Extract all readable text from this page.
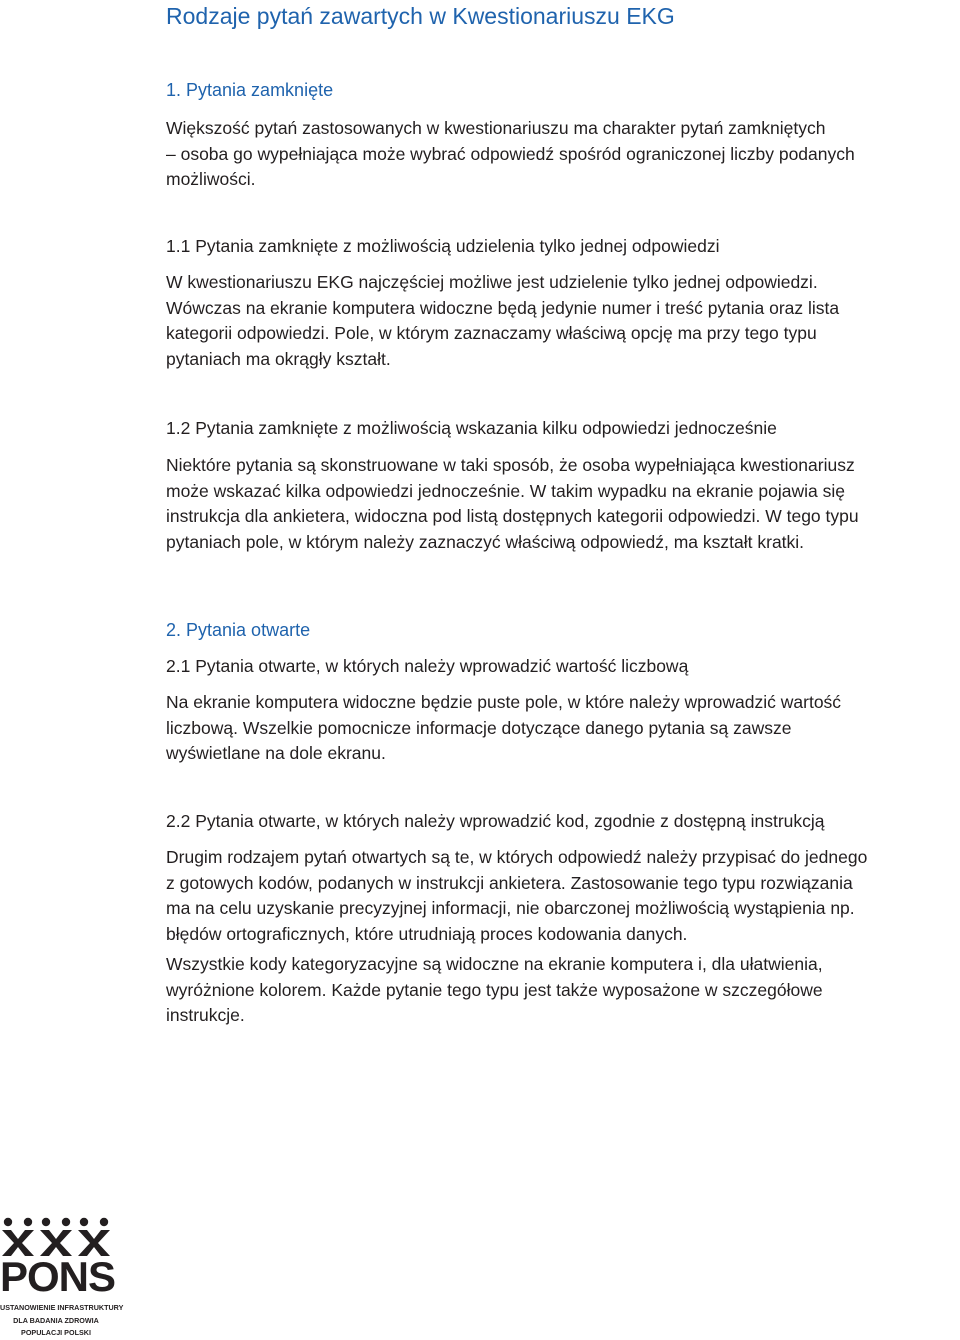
Rodzaje pytań zawartych w Kwestionariuszu EKG
1. Pytania zamknięte

Większość pytań zastosowanych w kwestionariuszu ma charakter pytań zamkniętych
– osoba go wypełniająca może wybrać odpowiedź spośród ograniczonej liczby podanych
możliwości.

1.1 Pytania zamknięte z możliwością udzielenia tylko jednej odpowiedzi

W kwestionariuszu EKG najczęściej możliwe jest udzielenie tylko jednej odpowiedzi.
Wówczas na ekranie komputera widoczne będą jedynie numer i treść pytania oraz lista
kategorii odpowiedzi. Pole, w którym zaznaczamy właściwą opcję ma przy tego typu
pytaniach ma okrągły kształt.

1.2 Pytania zamknięte z możliwością wskazania kilku odpowiedzi jednocześnie

Niektóre pytania są skonstruowane w taki sposób, że osoba wypełniająca kwestionariusz
może wskazać kilka odpowiedzi jednocześnie. W takim wypadku na ekranie pojawia się
instrukcja dla ankietera, widoczna pod listą dostępnych kategorii odpowiedzi. W tego typu
pytaniach pole, w którym należy zaznaczyć właściwą odpowiedź, ma kształt kratki.

2. Pytania otwarte
2.1 Pytania otwarte, w których należy wprowadzić wartość liczbową

Na ekranie komputera widoczne będzie puste pole, w które należy wprowadzić wartość
liczbową. Wszelkie pomocnicze informacje dotyczące danego pytania są zawsze
wyświetlane na dole ekranu.

2.2 Pytania otwarte, w których należy wprowadzić kod, zgodnie z dostępną instrukcją

Drugim rodzajem pytań otwartych są te, w których odpowiedź należy przypisać do jednego
z gotowych kodów, podanych w instrukcji ankietera. Zastosowanie tego typu rozwiązania
ma na celu uzyskanie precyzyjnej informacji, nie obarczonej możliwością wystąpienia np.
błędów ortograficznych, które utrudniają proces kodowania danych.

Wszystkie kody kategoryzacyjne są widoczne na ekranie komputera i, dla ułatwienia,
wyróżnione kolorem. Każde pytanie tego typu jest także wyposażone w szczegółowe
instrukcje.

PONS
USTANOWIENIE INFRASTRUKTURY
DLA BADANIA ZDROWIA
POPULACJI POLSKI
